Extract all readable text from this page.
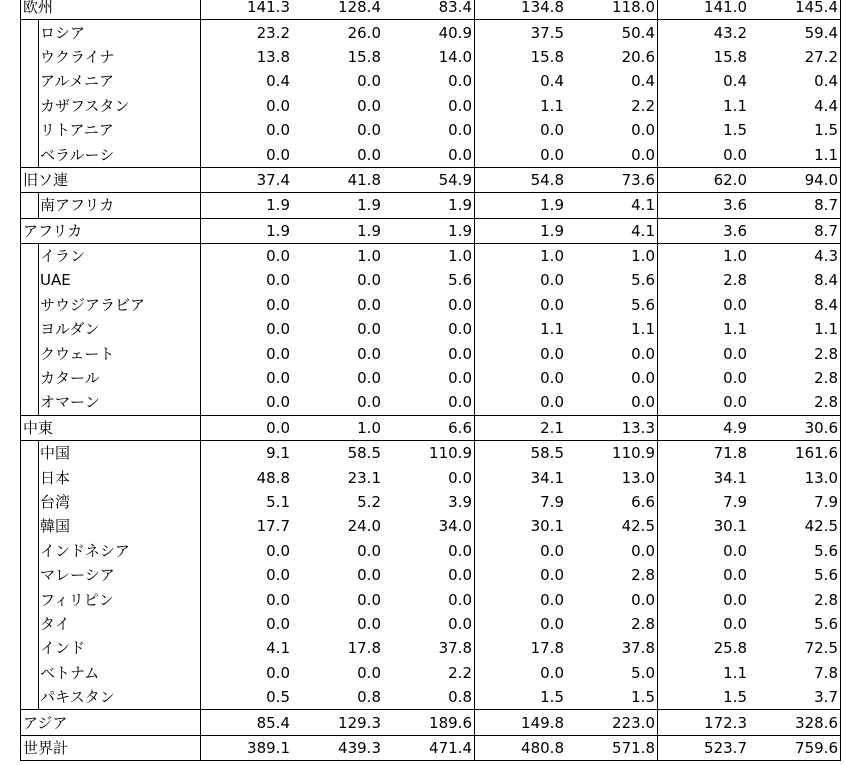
欧州	141.3	128.4	83.4	134.8	118.0	141.0	145.4

ロシア	23.2	26.0	40.9	37.5	50.4	43.2	59.4

ウクライナ	13.8	15.8	14.0	15.8	20.6	15.8	27.2

アルメニア	0.4	0.0	0.0	0.4	0.4	0.4	0.4

カザフスタン	0.0	0.0	0.0	1.1	2.2	1.1	4.4

リトアニア	0.0	0.0	0.0	0.0	0.0	1.5	1.5

ベラルーシ	0.0	0.0	0.0	0.0	0.0	0.0	1.1
旧ソ連	37.4	41.8	54.9	54.8	73.6	62.0	94.0

南アフリカ	1.9	1.9	1.9	1.9	4.1	3.6	8.7
アフリカ	1.9	1.9	1.9	1.9	4.1	3.6	8.7

イラン	0.0	1.0	1.0	1.0	1.0	1.0	4.3

UAE	0.0	0.0	5.6	0.0	5.6	2.8	8.4

サウジアラビア	0.0	0.0	0.0	0.0	5.6	0.0	8.4

ヨルダン	0.0	0.0	0.0	1.1	1.1	1.1	1.1

クウェート	0.0	0.0	0.0	0.0	0.0	0.0	2.8

カタール	0.0	0.0	0.0	0.0	0.0	0.0	2.8

オマーン	0.0	0.0	0.0	0.0	0.0	0.0	2.8
中東	0.0	1.0	6.6	2.1	13.3	4.9	30.6

中国	9.1	58.5	110.9	58.5	110.9	71.8	161.6

日本	48.8	23.1	0.0	34.1	13.0	34.1	13.0

台湾	5.1	5.2	3.9	7.9	6.6	7.9	7.9

韓国	17.7	24.0	34.0	30.1	42.5	30.1	42.5

インドネシア	0.0	0.0	0.0	0.0	0.0	0.0	5.6

マレーシア	0.0	0.0	0.0	0.0	2.8	0.0	5.6

フィリピン	0.0	0.0	0.0	0.0	0.0	0.0	2.8

タイ	0.0	0.0	0.0	0.0	2.8	0.0	5.6

インド	4.1	17.8	37.8	17.8	37.8	25.8	72.5

ベトナム	0.0	0.0	2.2	0.0	5.0	1.1	7.8

パキスタン	0.5	0.8	0.8	1.5	1.5	1.5	3.7
アジア	85.4	129.3	189.6	149.8	223.0	172.3	328.6
世界計	389.1	439.3	471.4	480.8	571.8	523.7	759.6
